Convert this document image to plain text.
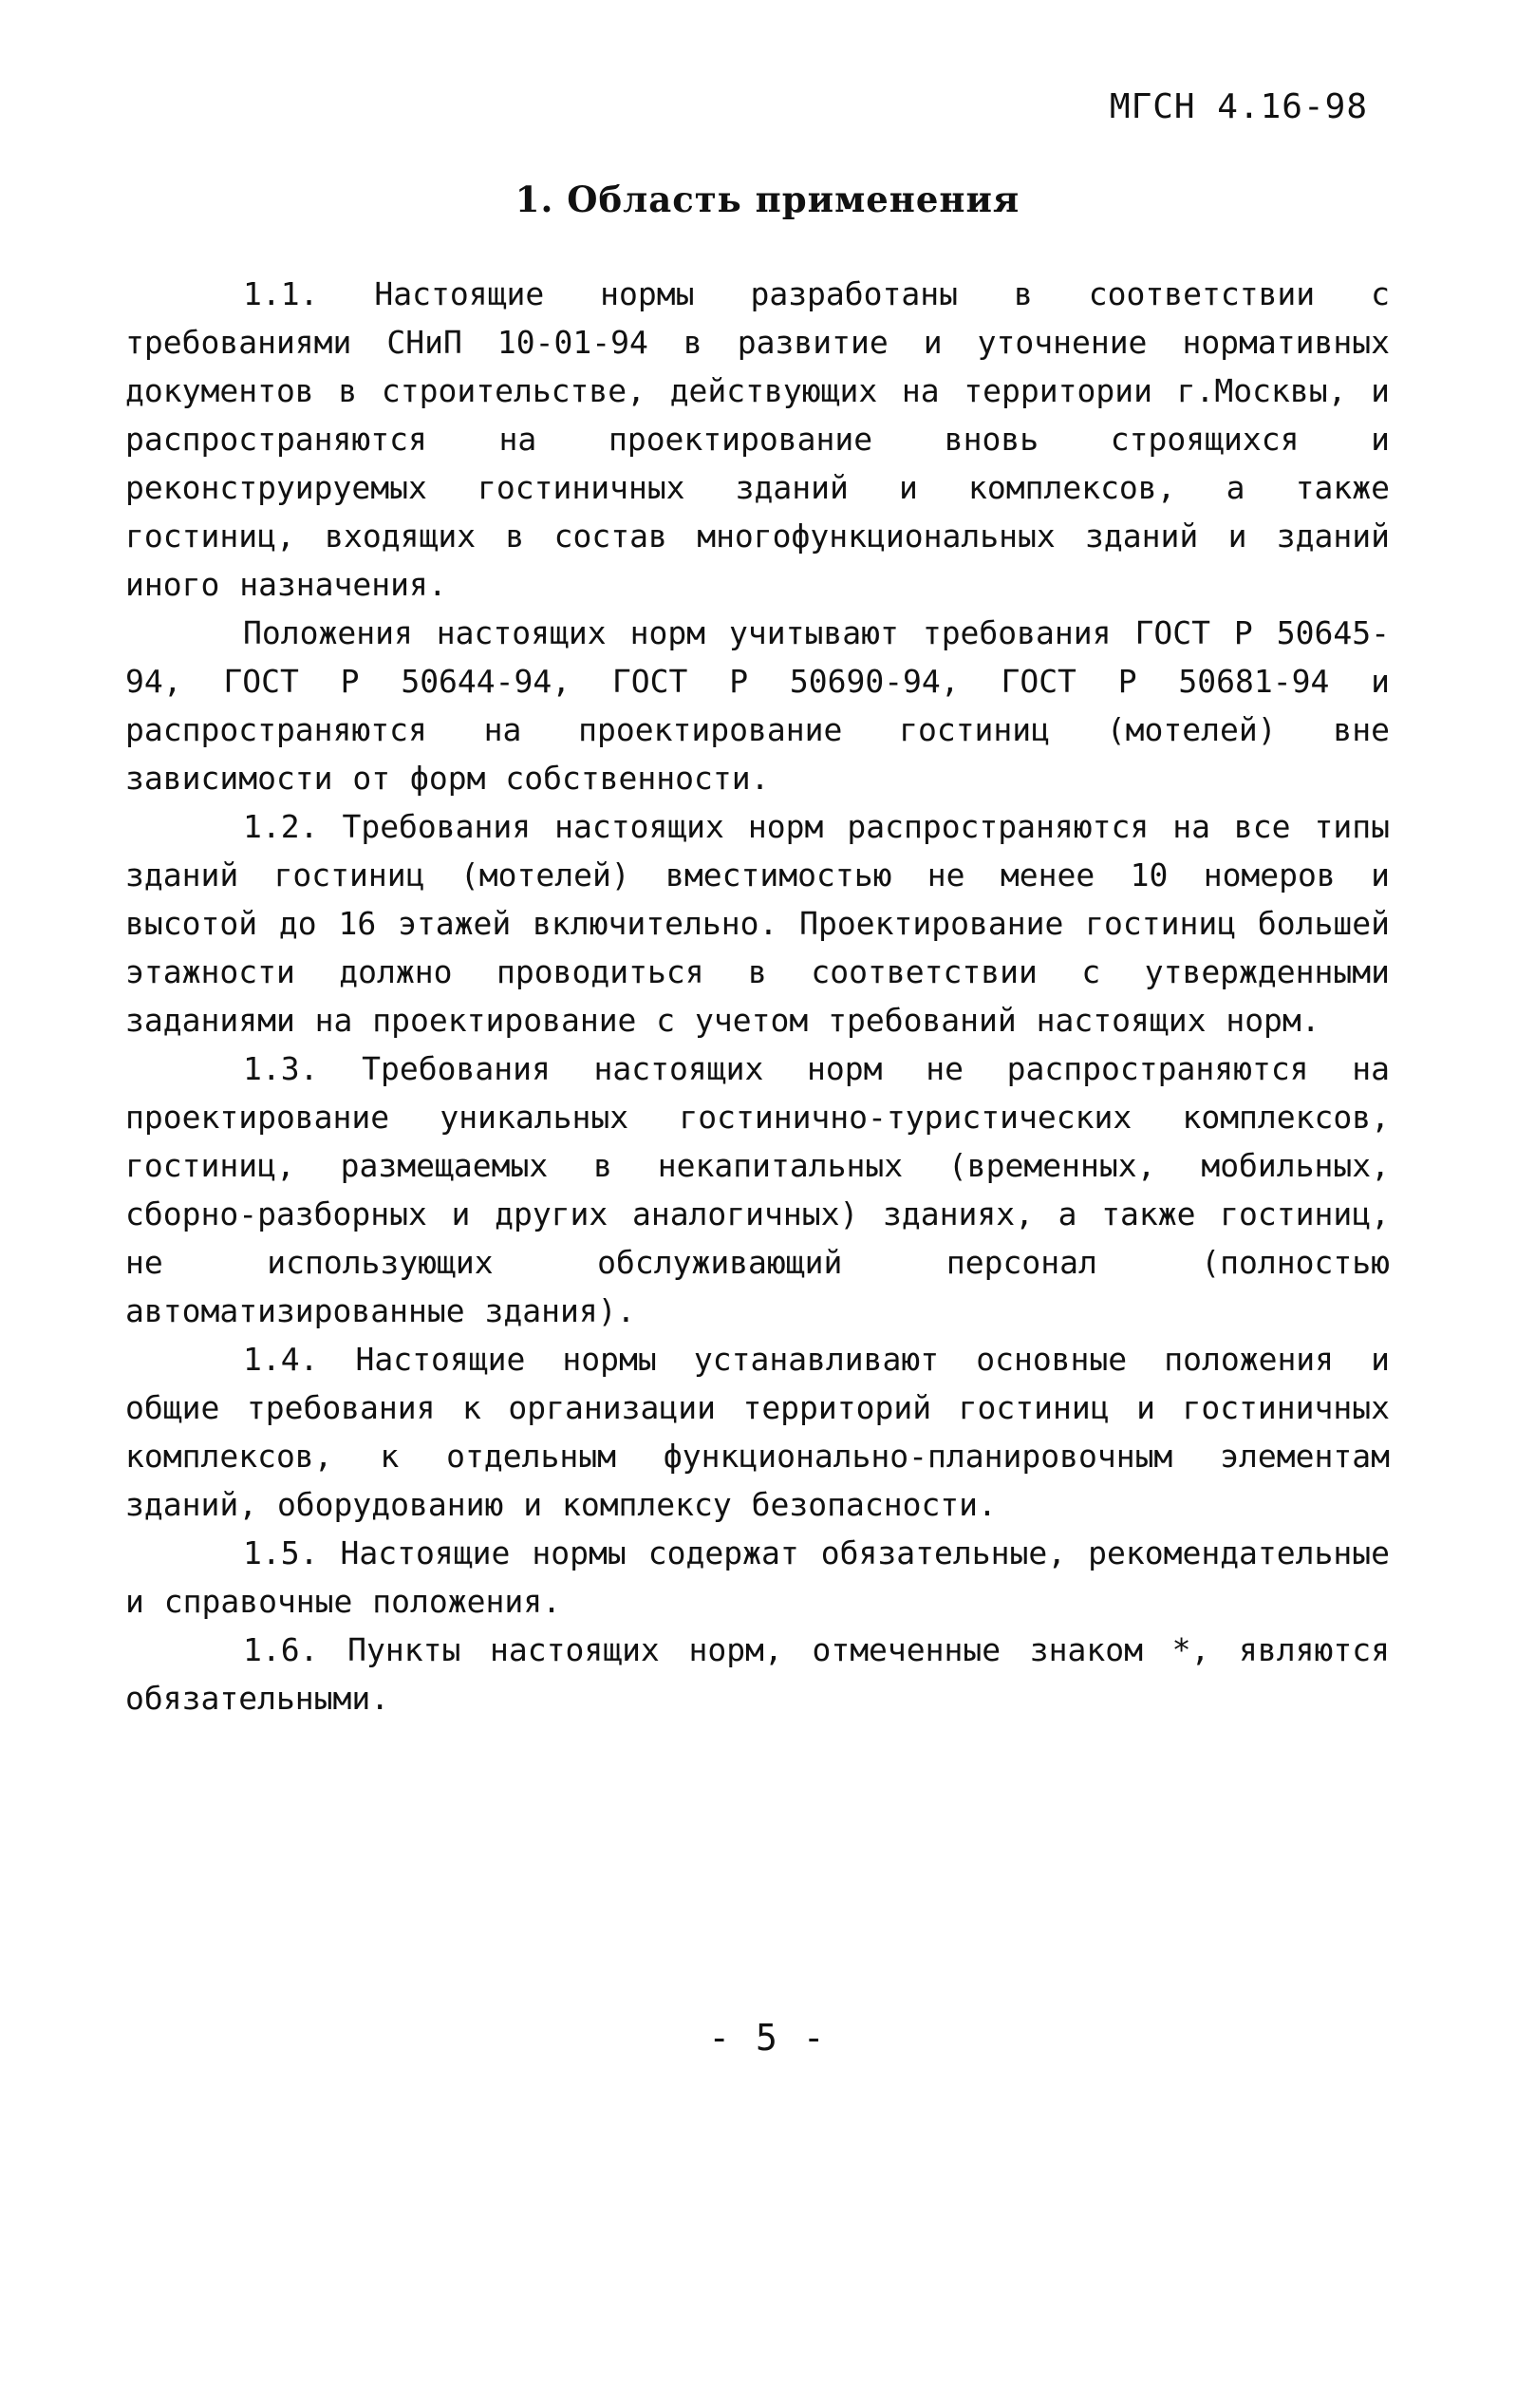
МГСН 4.16-98
1. Область применения

1.1. Настоящие нормы разработаны в соответствии с требованиями СНиП 10-01-94 в развитие и уточнение нормативных документов в строительстве, действующих на территории г.Москвы, и распространяются на проектирование вновь строящихся и реконструируемых гостиничных зданий и комплексов, а также гостиниц, входящих в состав многофункциональных зданий и зданий иного назначения.

Положения настоящих норм учитывают требования ГОСТ Р 50645-94, ГОСТ Р 50644-94, ГОСТ Р 50690-94, ГОСТ Р 50681-94 и распространяются на проектирование гостиниц (мотелей) вне зависимости от форм собственности.

1.2. Требования настоящих норм распространяются на все типы зданий гостиниц (мотелей) вместимостью не менее 10 номеров и высотой до 16 этажей включительно. Проектирование гостиниц большей этажности должно проводиться в соответствии с утвержденными заданиями на проектирование с учетом требований настоящих норм.

1.3. Требования настоящих норм не распространяются на проектирование уникальных гостинично-туристических комплексов, гостиниц, размещаемых в некапитальных (временных, мобильных, сборно-разборных и других аналогичных) зданиях, а также гостиниц, не использующих обслуживающий персонал (полностью автоматизированные здания).

1.4. Настоящие нормы устанавливают основные положения и общие требования к организации территорий гостиниц и гостиничных комплексов, к отдельным функционально-планировочным элементам зданий, оборудованию и комплексу безопасности.

1.5. Настоящие нормы содержат обязательные, рекомендательные и справочные положения.

1.6. Пункты настоящих норм, отмеченные знаком *, являются обязательными.

- 5 -
